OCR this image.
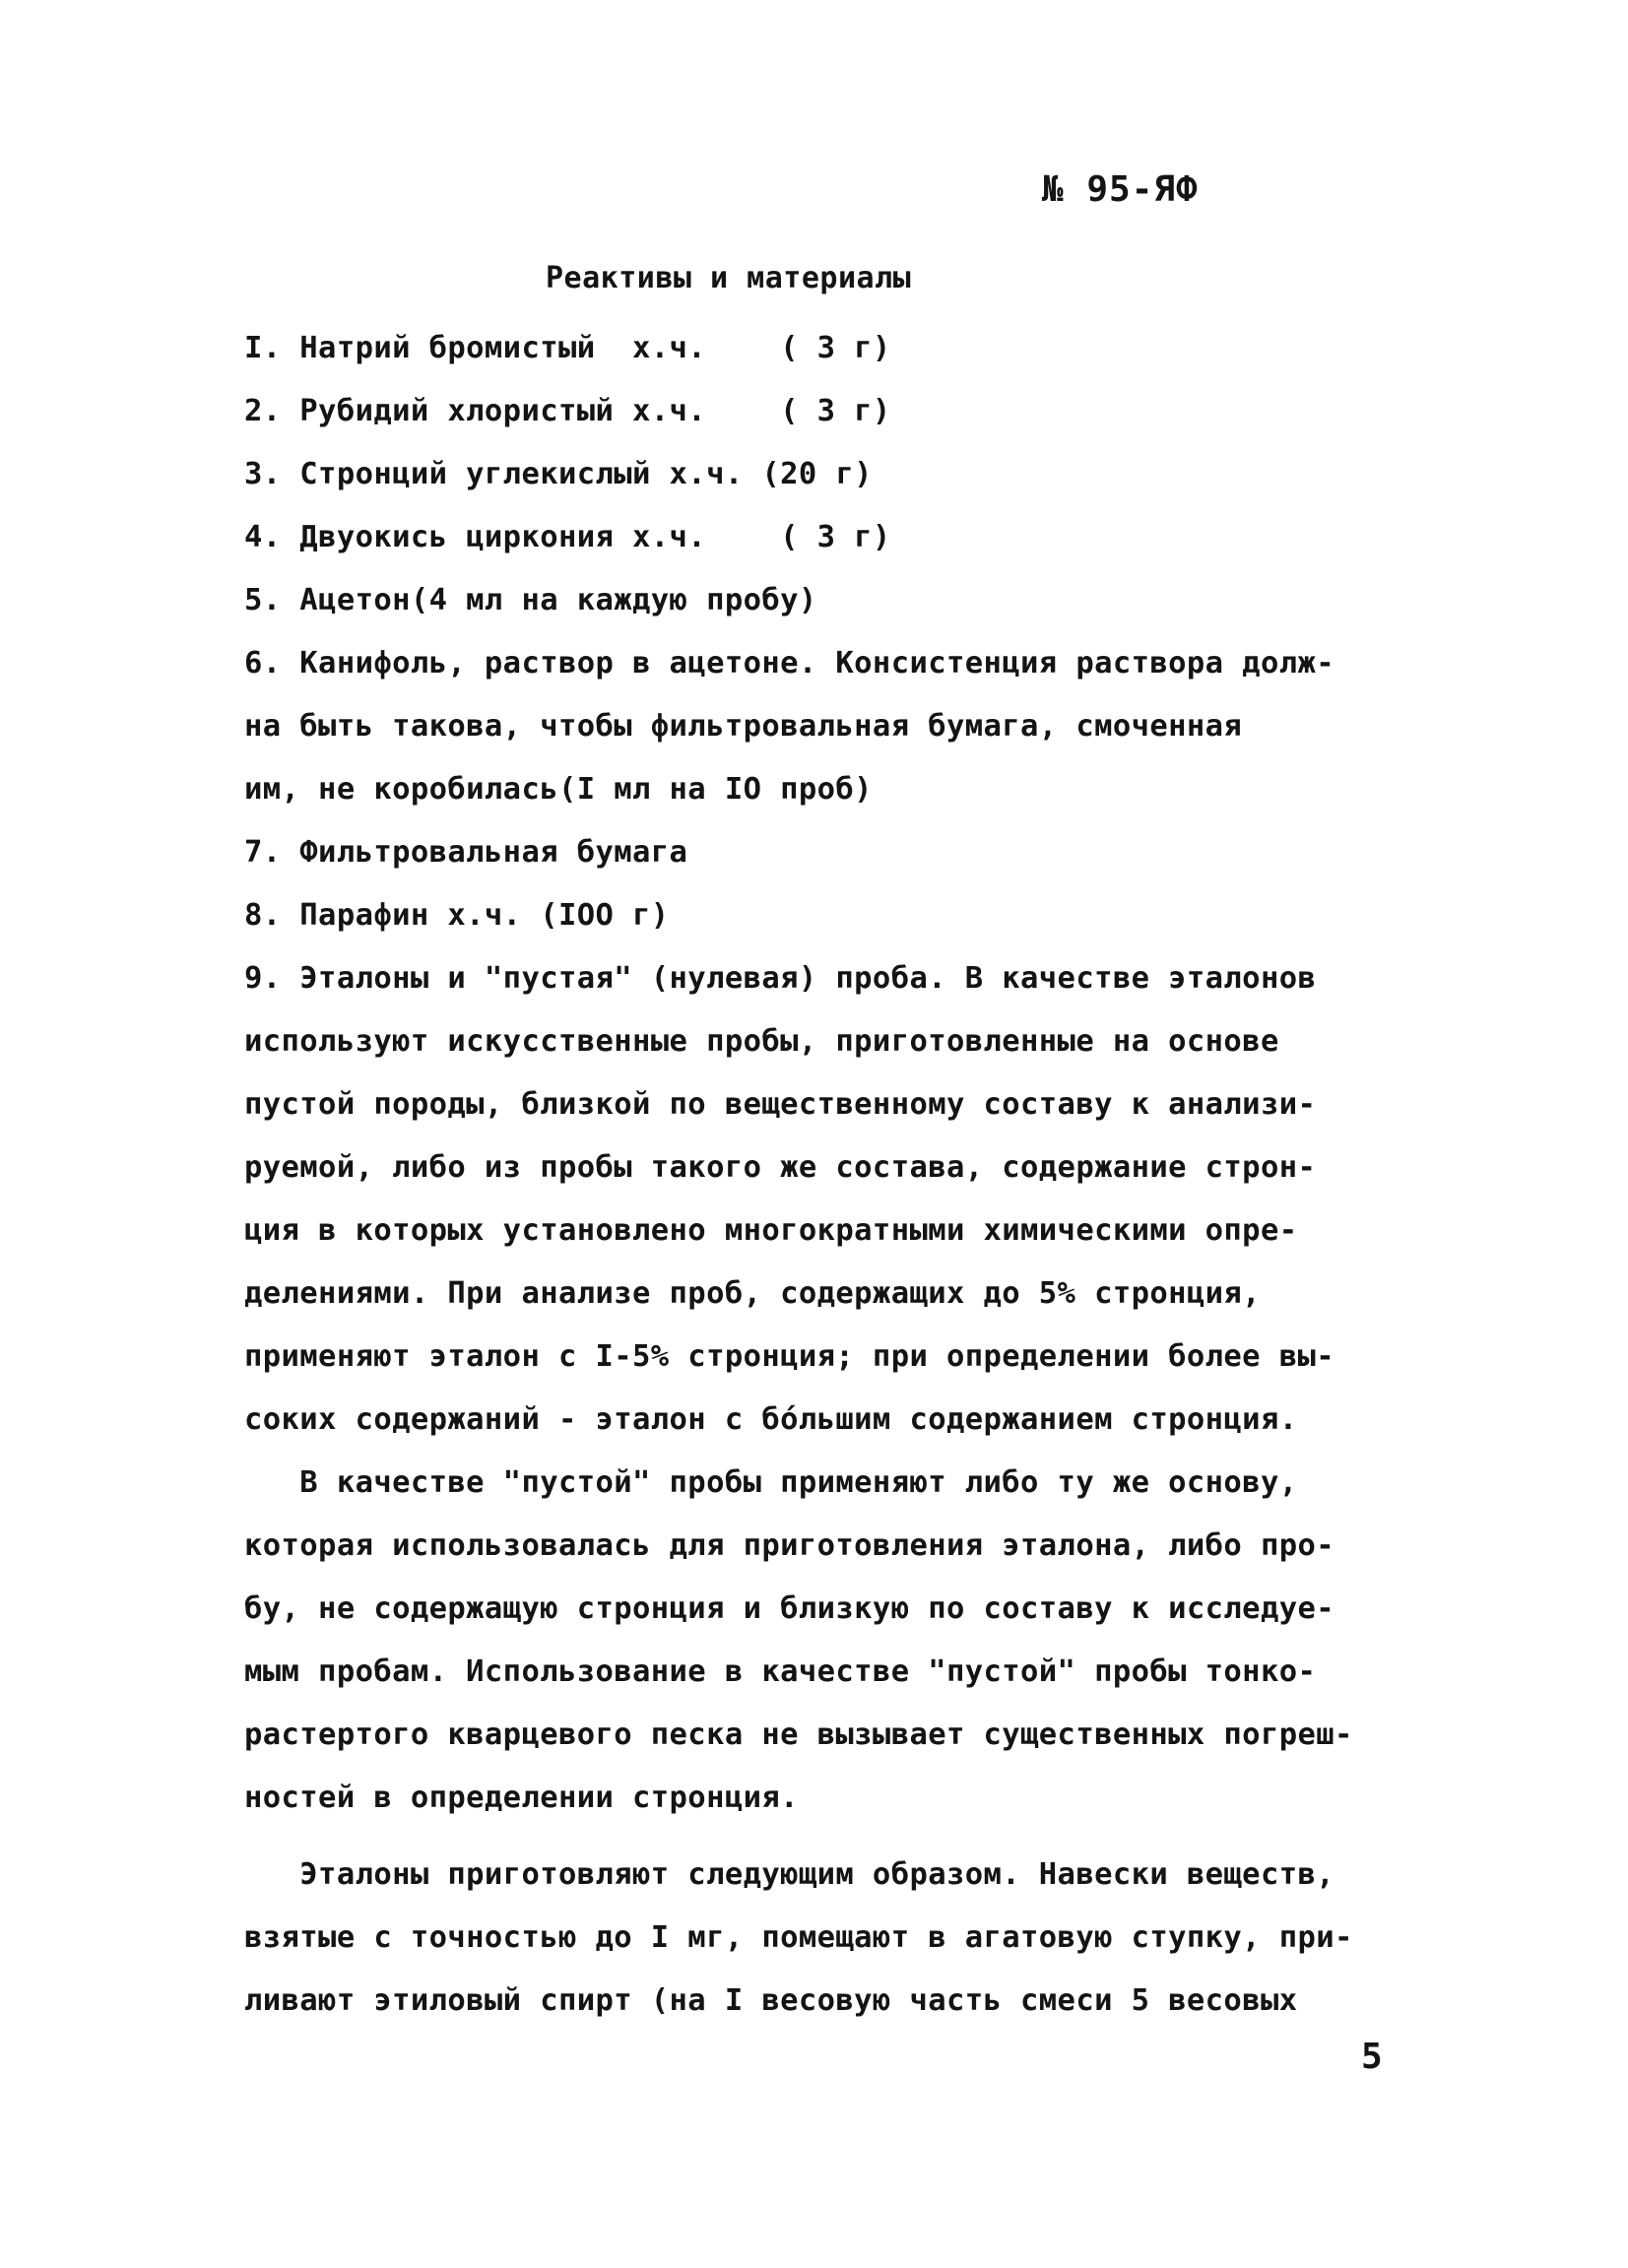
№ 95-ЯФ
Реактивы и материалы
I. Натрий бромистый  х.ч.    ( З г)
2. Рубидий хлористый х.ч.    ( З г)
3. Стронций углекислый х.ч. (20 г)
4. Двуокись циркония х.ч.    ( З г)
5. Ацетон(4 мл на каждую пробу)
6. Канифоль, раствор в ацетоне. Консистенция раствора долж-
на быть такова, чтобы фильтровальная бумага, смоченная
им, не коробилась(I мл на IO проб)
7. Фильтровальная бумага
8. Парафин х.ч. (IOO г)
9. Эталоны и "пустая" (нулевая) проба. В качестве эталонов
используют искусственные пробы, приготовленные на основе
пустой породы, близкой по вещественному составу к анализи-
руемой, либо из пробы такого же состава, содержание строн-
ция в которых установлено многократными химическими опре-
делениями. При анализе проб, содержащих до 5% стронция,
применяют эталон с I-5% стронция; при определении более вы-
соких содержаний - эталон с бóльшим содержанием стронция.
В качестве "пустой" пробы применяют либо ту же основу,
которая использовалась для приготовления эталона, либо про-
бу, не содержащую стронция и близкую по составу к исследуе-
мым пробам. Использование в качестве "пустой" пробы тонко-
растертого кварцевого песка не вызывает существенных погреш-
ностей в определении стронция.
Эталоны приготовляют следующим образом. Навески веществ,
взятые с точностью до I мг, помещают в агатовую ступку, при-
ливают этиловый спирт (на I весовую часть смеси 5 весовых
5
